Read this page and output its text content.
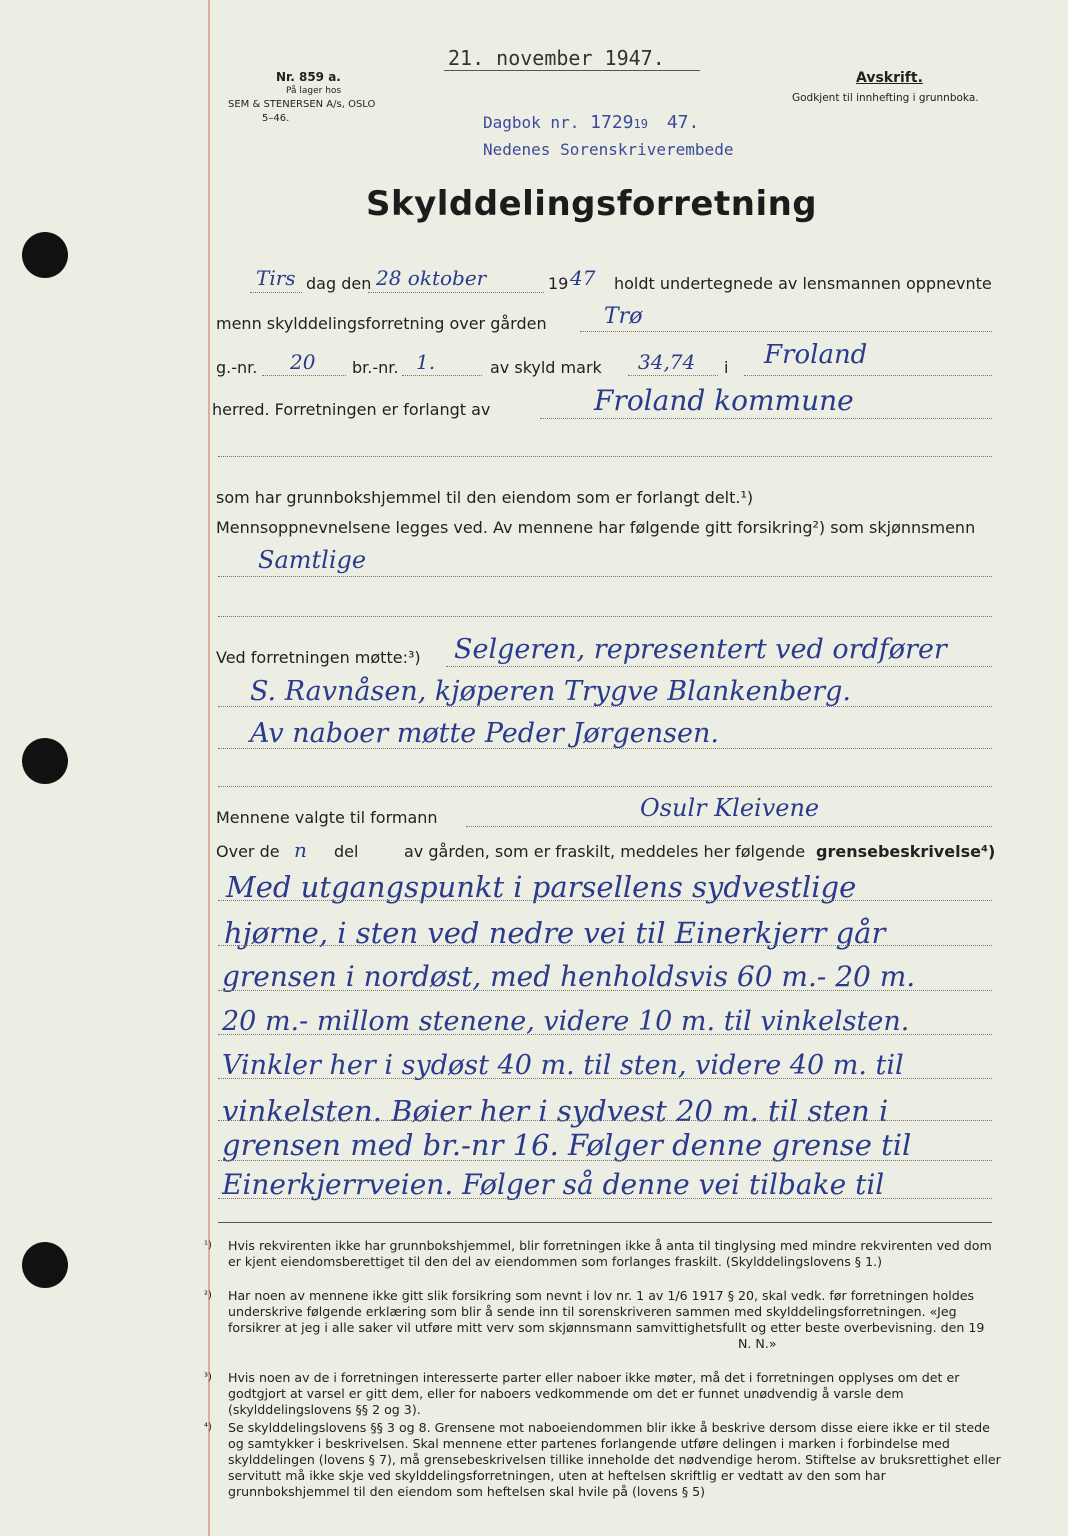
21. november 1947.
Nr. 859 a.
På lager hos
SEM & STENERSEN A/s, OSLO
5–46.
Avskrift.
Godkjent til innhefting i grunnboka.
Dagbok nr. 172919 47.
Nedenes Sorenskriverembede
Skylddelingsforretning
Tirs dag den 28 oktober	19 47 holdt undertegnede av lensmannen oppnevnte
menn skylddelingsforretning over gården	Trø
g.-nr. 20 br.-nr. 1.	av skyld mark 34,74 i Froland
herred. Forretningen er forlangt av	Froland kommune
som har grunnbokshjemmel til den eiendom som er forlangt delt.¹)
Mennsoppnevnelsene legges ved. Av mennene har følgende gitt forsikring²) som skjønnsmenn
Samtlige
Ved forretningen møtte:³) Selgeren, representert ved ordfører
S. Ravnåsen, kjøperen Trygve Blankenberg.
Av naboer møtte Peder Jørgensen.
Mennene valgte til formann	Osulr Kleivene
Over de n del	av gården, som er fraskilt, meddeles her følgende grensebeskrivelse⁴)
Med utgangspunkt i parsellens sydvestlige
hjørne, i sten ved nedre vei til Einerkjerr går
grensen i nordøst, med henholdsvis 60 m.- 20 m.
20 m.- millom stenene, videre 10 m. til vinkelsten.
Vinkler her i sydøst 40 m. til sten, videre 40 m. til
vinkelsten. Bøier her i sydvest 20 m. til sten i
grensen med br.-nr 16. Følger denne grense til
Einerkjerrveien. Følger så denne vei tilbake til
¹)	Hvis rekvirenten ikke har grunnbokshjemmel, blir forretningen ikke å anta til tinglysing med mindre rekvirenten ved dom er kjent eiendomsberettiget til den del av eiendommen som forlanges fraskilt. (Skylddelingslovens § 1.)

²)	Har noen av mennene ikke gitt slik forsikring som nevnt i lov nr. 1 av 1/6 1917 § 20, skal vedk. før forretningen holdes underskrive følgende erklæring som blir å sende inn til sorenskriveren sammen med skylddelingsforretningen. «Jeg forsikrer at jeg i alle saker vil utføre mitt verv som skjønnsmann samvittighetsfullt og etter beste overbevisning. den 19

N. N.»

³)	Hvis noen av de i forretningen interesserte parter eller naboer ikke møter, må det i forretningen opplyses om det er godtgjort at varsel er gitt dem, eller for naboers vedkommende om det er funnet unødvendig å varsle dem (skylddelingslovens §§ 2 og 3).

⁴)	Se skylddelingslovens §§ 3 og 8. Grensene mot naboeiendommen blir ikke å beskrive dersom disse eiere ikke er til stede og samtykker i beskrivelsen. Skal mennene etter partenes forlangende utføre delingen i marken i forbindelse med skylddelingen (lovens § 7), må grensebeskrivelsen tillike inneholde det nødvendige herom. Stiftelse av bruksrettighet eller servitutt må ikke skje ved skylddelingsforretningen, uten at heftelsen skriftlig er vedtatt av den som har grunnbokshjemmel til den eiendom som heftelsen skal hvile på (lovens § 5)
